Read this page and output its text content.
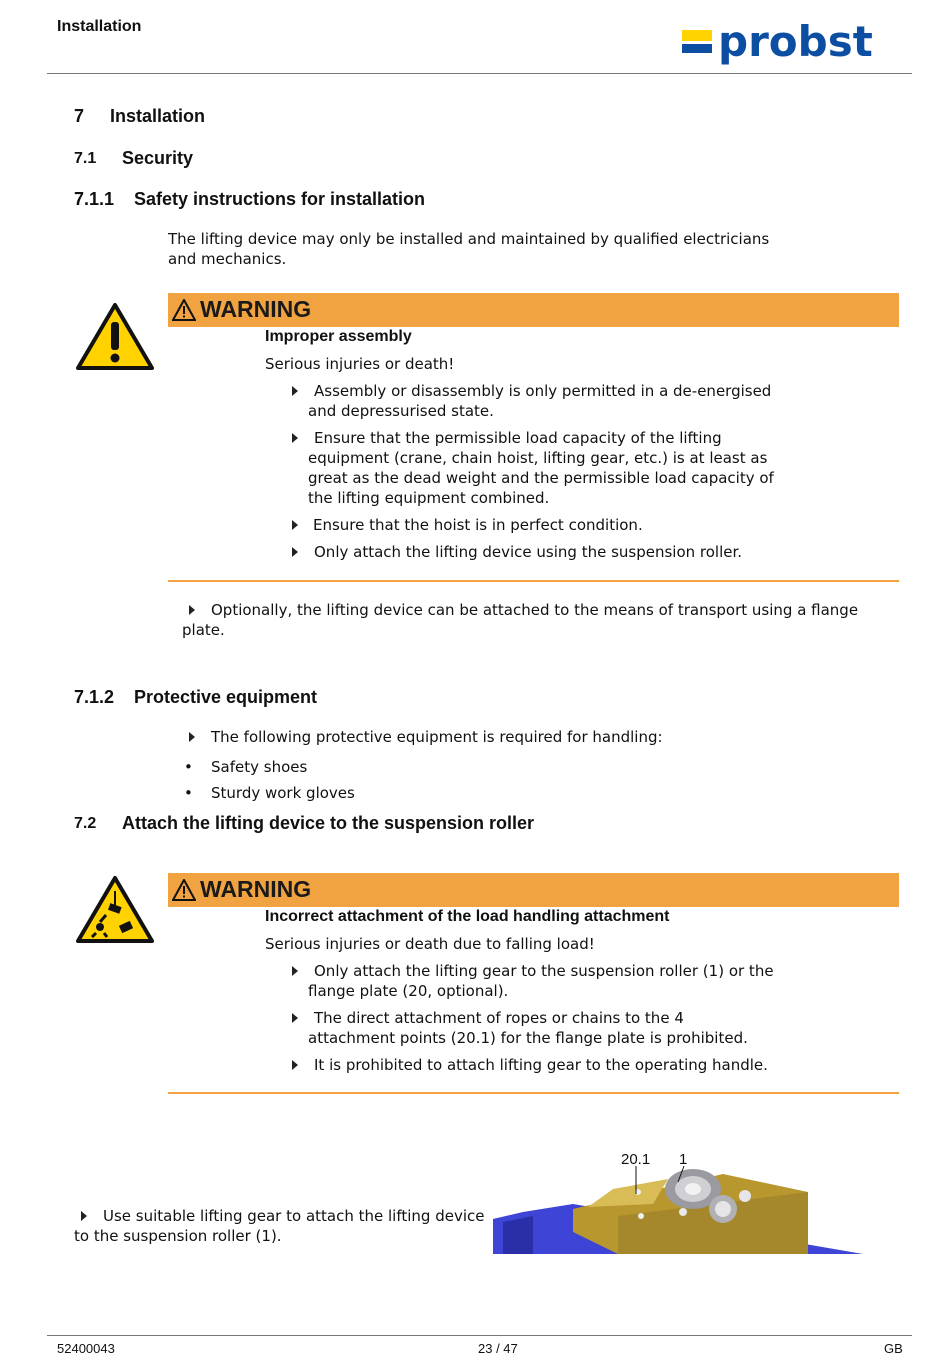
Installation	probst
7 Installation
7.1 Security
7.1.1 Safety instructions for installation
The lifting device may only be installed and maintained by qualified electricians
and mechanics.
WARNING
Improper assembly
Serious injuries or death!
Assembly or disassembly is only permitted in a de-energised
and depressurised state.
Ensure that the permissible load capacity of the lifting
equipment (crane, chain hoist, lifting gear, etc.) is at least as
great as the dead weight and the permissible load capacity of
the lifting equipment combined.
Ensure that the hoist is in perfect condition.
Only attach the lifting device using the suspension roller.
Optionally, the lifting device can be attached to the means of transport using a flange
plate.
7.1.2 Protective equipment
The following protective equipment is required for handling:
• Safety shoes
• Sturdy work gloves
7.2 Attach the lifting device to the suspension roller
WARNING
Incorrect attachment of the load handling attachment
Serious injuries or death due to falling load!
Only attach the lifting gear to the suspension roller (1) or the
flange plate (20, optional).
The direct attachment of ropes or chains to the 4
attachment points (20.1) for the flange plate is prohibited.
It is prohibited to attach lifting gear to the operating handle.
Use suitable lifting gear to attach the lifting device
to the suspension roller (1).
20.1 1
52400043	23 / 47	GB
